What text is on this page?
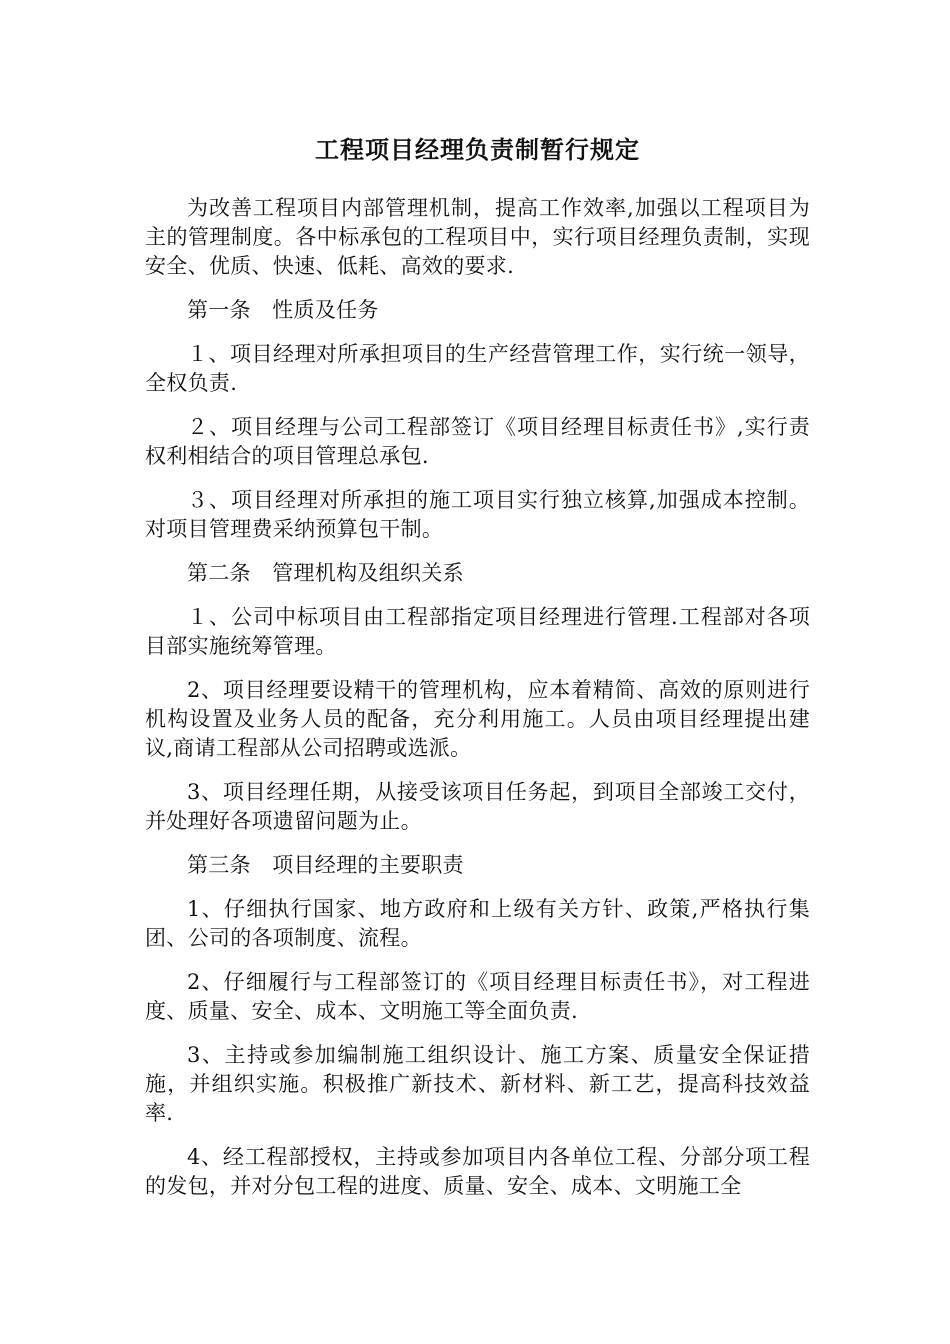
工程项目经理负责制暂行规定

为改善工程项目内部管理机制，提高工作效率,加强以工程项目为主的管理制度。各中标承包的工程项目中，实行项目经理负责制，实现安全、优质、快速、低耗、高效的要求.

第一条　性质及任务

１、项目经理对所承担项目的生产经营管理工作，实行统一领导，全权负责.

２、项目经理与公司工程部签订《项目经理目标责任书》,实行责权利相结合的项目管理总承包.

３、项目经理对所承担的施工项目实行独立核算,加强成本控制。对项目管理费采纳预算包干制。

第二条　管理机构及组织关系

１、公司中标项目由工程部指定项目经理进行管理.工程部对各项目部实施统筹管理。

2、项目经理要设精干的管理机构，应本着精简、高效的原则进行机构设置及业务人员的配备，充分利用施工。人员由项目经理提出建议,商请工程部从公司招聘或选派。

3、项目经理任期，从接受该项目任务起，到项目全部竣工交付，并处理好各项遗留问题为止。

第三条　项目经理的主要职责

1、仔细执行国家、地方政府和上级有关方针、政策,严格执行集团、公司的各项制度、流程。

2、仔细履行与工程部签订的《项目经理目标责任书》，对工程进度、质量、安全、成本、文明施工等全面负责.

3、主持或参加编制施工组织设计、施工方案、质量安全保证措施，并组织实施。积极推广新技术、新材料、新工艺，提高科技效益率.

4、经工程部授权，主持或参加项目内各单位工程、分部分项工程的发包，并对分包工程的进度、质量、安全、成本、文明施工全
